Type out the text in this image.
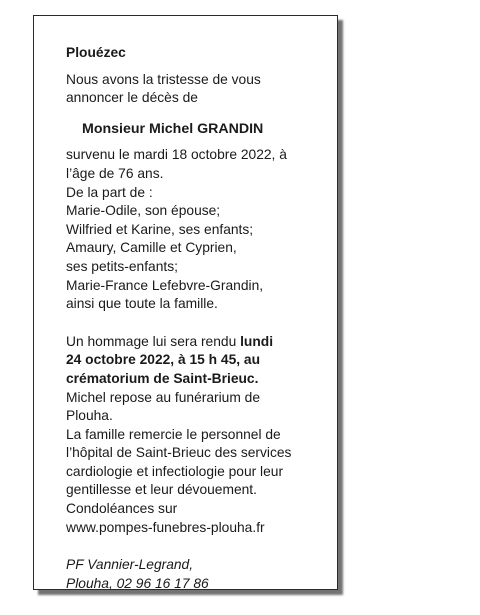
Plouézec

Nous avons la tristesse de vous

annoncer le décès de

Monsieur Michel GRANDIN

survenu le mardi 18 octobre 2022, à

l’âge de 76 ans.

De la part de :

Marie-Odile, son épouse;

Wilfried et Karine, ses enfants;

Amaury, Camille et Cyprien,

ses petits-enfants;

Marie-France Lefebvre-Grandin,

ainsi que toute la famille.

Un hommage lui sera rendu lundi

24 octobre 2022, à 15 h 45, au

crématorium de Saint-Brieuc.

Michel repose au funérarium de

Plouha.

La famille remercie le personnel de

l’hôpital de Saint-Brieuc des services

cardiologie et infectiologie pour leur

gentillesse et leur dévouement.

Condoléances sur

www.pompes-funebres-plouha.fr

PF Vannier-Legrand,

Plouha, 02 96 16 17 86
